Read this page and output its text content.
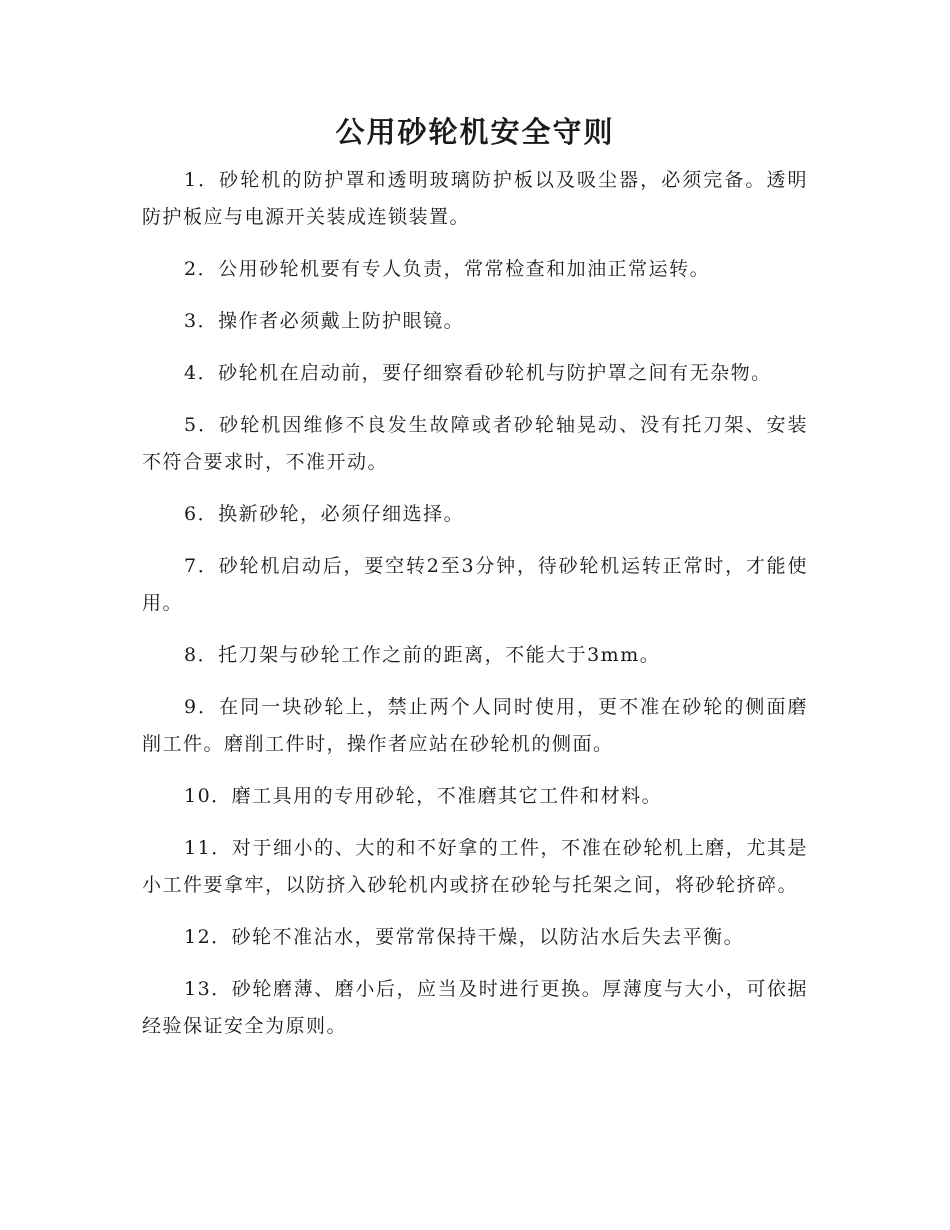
公用砂轮机安全守则
1．砂轮机的防护罩和透明玻璃防护板以及吸尘器，必须完备。透明防护板应与电源开关装成连锁装置。
2．公用砂轮机要有专人负责，常常检查和加油正常运转。
3．操作者必须戴上防护眼镜。
4．砂轮机在启动前，要仔细察看砂轮机与防护罩之间有无杂物。
5．砂轮机因维修不良发生故障或者砂轮轴晃动、没有托刀架、安装不符合要求时，不准开动。
6．换新砂轮，必须仔细选择。
7．砂轮机启动后，要空转2至3分钟，待砂轮机运转正常时，才能使用。
8．托刀架与砂轮工作之前的距离，不能大于3mm。
9．在同一块砂轮上，禁止两个人同时使用，更不准在砂轮的侧面磨削工件。磨削工件时，操作者应站在砂轮机的侧面。
10．磨工具用的专用砂轮，不准磨其它工件和材料。
11．对于细小的、大的和不好拿的工件，不准在砂轮机上磨，尤其是小工件要拿牢，以防挤入砂轮机内或挤在砂轮与托架之间，将砂轮挤碎。
12．砂轮不准沾水，要常常保持干燥，以防沾水后失去平衡。
13．砂轮磨薄、磨小后，应当及时进行更换。厚薄度与大小，可依据经验保证安全为原则。
